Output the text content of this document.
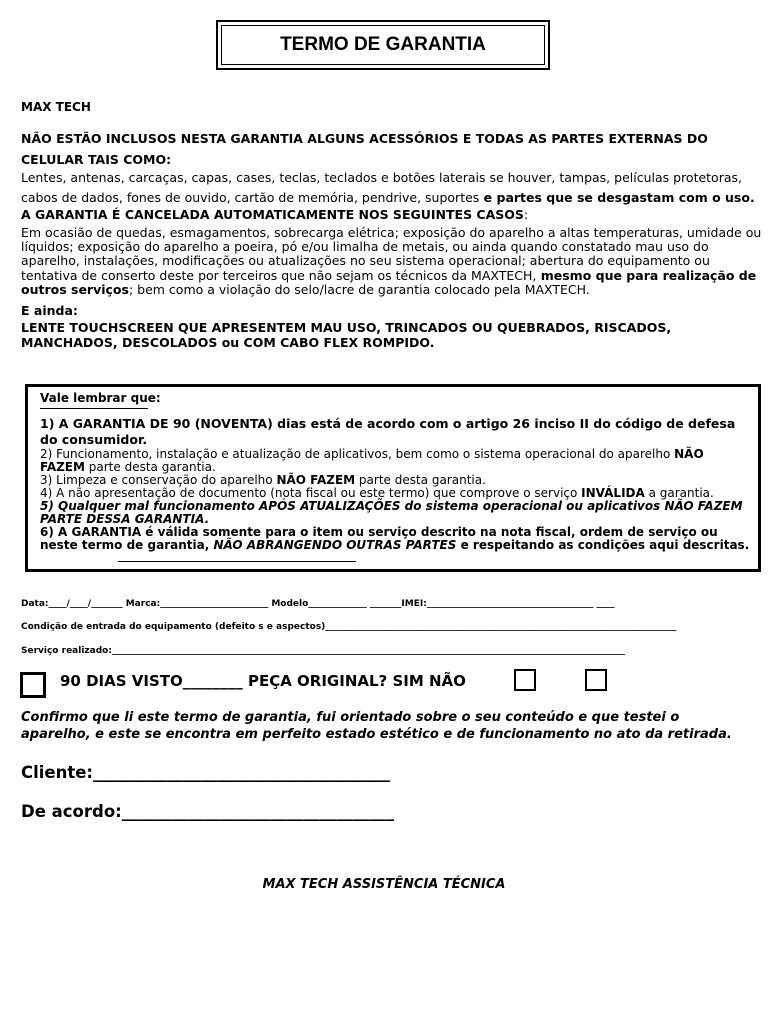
TERMO DE GARANTIA
MAX TECH
NÃO ESTÃO INCLUSOS NESTA GARANTIA ALGUNS ACESSÓRIOS E TODAS AS PARTES EXTERNAS DO
CELULAR TAIS COMO:
Lentes, antenas, carcaças, capas, cases, teclas, teclados e botões laterais se houver, tampas, películas protetoras, cabos de dados, fones de ouvido, cartão de memória, pendrive, suportes e partes que se desgastam com o uso.
A GARANTIA É CANCELADA AUTOMATICAMENTE NOS SEGUINTES CASOS:
Em ocasião de quedas, esmagamentos, sobrecarga elétrica; exposição do aparelho a altas temperaturas, umidade ou líquidos; exposição do aparelho a poeira, pó e/ou limalha de metais, ou ainda quando constatado mau uso do aparelho, instalações, modificações ou atualizações no seu sistema operacional; abertura do equipamento ou tentativa de conserto deste por terceiros que não sejam os técnicos da MAXTECH, mesmo que para realização de outros serviços; bem como a violação do selo/lacre de garantia colocado pela MAXTECH.
E ainda:
LENTE TOUCHSCREEN QUE APRESENTEM MAU USO, TRINCADOS OU QUEBRADOS, RISCADOS, MANCHADOS, DESCOLADOS ou COM CABO FLEX ROMPIDO.
Vale lembrar que:
1) A GARANTIA DE 90 (NOVENTA) dias está de acordo com o artigo 26 inciso II do código de defesa do consumidor.
2) Funcionamento, instalação e atualização de aplicativos, bem como o sistema operacional do aparelho NÃO FAZEM parte desta garantia.
3) Limpeza e conservação do aparelho NÃO FAZEM parte desta garantia.
4) A não apresentação de documento (nota fiscal ou este termo) que comprove o serviço INVÁLIDA a garantia.
5) Qualquer mal funcionamento APÓS ATUALIZAÇÕES do sistema operacional ou aplicativos NÃO FAZEM PARTE DESSA GARANTIA.
6) A GARANTIA é válida somente para o item ou serviço descrito na nota fiscal, ordem de serviço ou neste termo de garantia, NÃO ABRANGENDO OUTRAS PARTES e respeitando as condições aqui descritas.
Data:____/____/_______ Marca:________________________ Modelo_____________ _______IMEI:_____________________________________ ____
Condição de entrada do equipamento (defeito s e aspectos)______________________________________________________________________________
Serviço realizado:__________________________________________________________________________________________________________________
90 DIAS VISTO________ PEÇA ORIGINAL? SIM NÃO
Confirmo que li este termo de garantia, fui orientado sobre o seu conteúdo e que testei o aparelho, e este se encontra em perfeito estado estético e de funcionamento no ato da retirada.
Cliente:____________________________________
De acordo:_________________________________
MAX TECH ASSISTÊNCIA TÉCNICA
